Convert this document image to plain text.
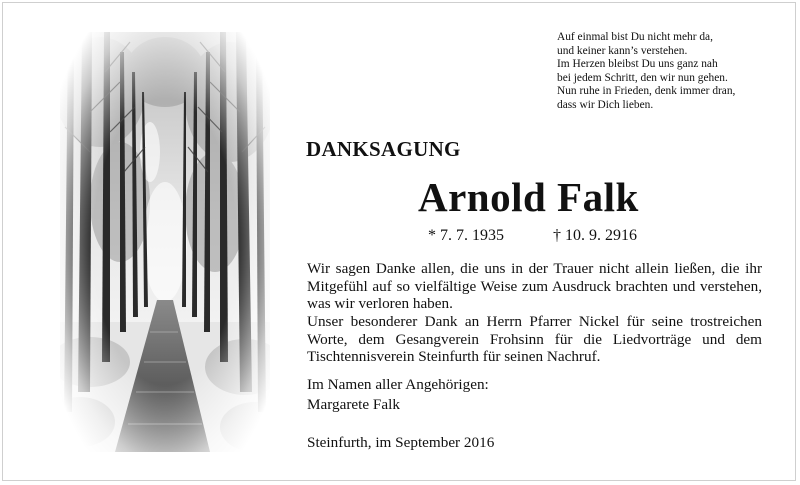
Auf einmal bist Du nicht mehr da,
und keiner kann’s verstehen.
Im Herzen bleibst Du uns ganz nah
bei jedem Schritt, den wir nun gehen.
Nun ruhe in Frieden, denk immer dran,
dass wir Dich lieben.
DANKSAGUNG
Arnold Falk
* 7. 7. 1935	† 10. 9. 2916
Wir sagen Danke allen, die uns in der Trauer nicht allein ließen, die ihr Mitgefühl auf so vielfältige Weise zum Ausdruck brachten und verstehen, was wir verloren haben.
Unser besonderer Dank an Herrn Pfarrer Nickel für seine trostreichen Worte, dem Gesangverein Frohsinn für die Liedvorträge und dem Tischtennisverein Steinfurth für seinen Nachruf.
Im Namen aller Angehörigen:
Margarete Falk
Steinfurth, im September 2016
